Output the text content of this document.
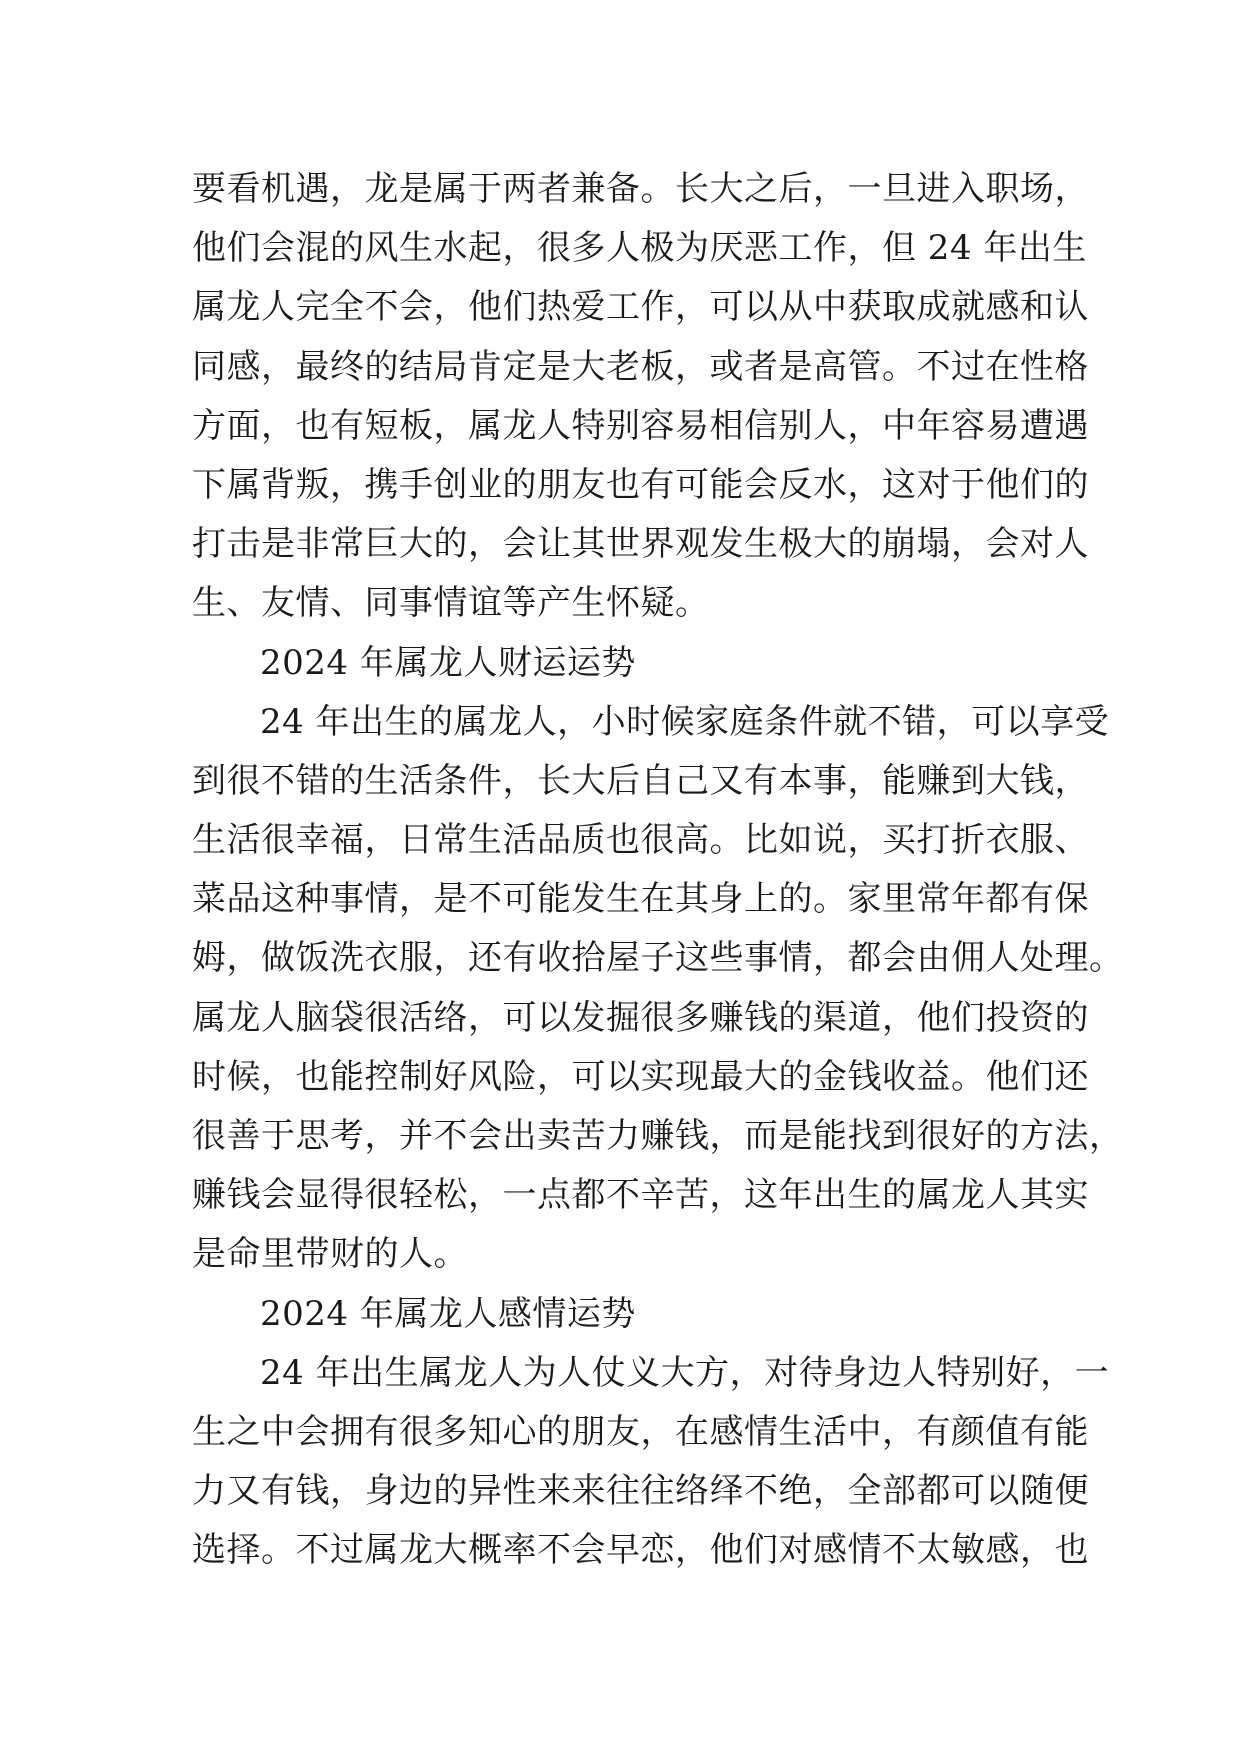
要看机遇，龙是属于两者兼备。长大之后，一旦进入职场，
他们会混的风生水起，很多人极为厌恶工作，但 24 年出生
属龙人完全不会，他们热爱工作，可以从中获取成就感和认
同感，最终的结局肯定是大老板，或者是高管。不过在性格
方面，也有短板，属龙人特别容易相信别人，中年容易遭遇
下属背叛，携手创业的朋友也有可能会反水，这对于他们的
打击是非常巨大的，会让其世界观发生极大的崩塌，会对人
生、友情、同事情谊等产生怀疑。
2024 年属龙人财运运势
24 年出生的属龙人，小时候家庭条件就不错，可以享受
到很不错的生活条件，长大后自己又有本事，能赚到大钱，
生活很幸福，日常生活品质也很高。比如说，买打折衣服、
菜品这种事情，是不可能发生在其身上的。家里常年都有保
姆，做饭洗衣服，还有收拾屋子这些事情，都会由佣人处理。
属龙人脑袋很活络，可以发掘很多赚钱的渠道，他们投资的
时候，也能控制好风险，可以实现最大的金钱收益。他们还
很善于思考，并不会出卖苦力赚钱，而是能找到很好的方法，
赚钱会显得很轻松，一点都不辛苦，这年出生的属龙人其实
是命里带财的人。
2024 年属龙人感情运势
24 年出生属龙人为人仗义大方，对待身边人特别好，一
生之中会拥有很多知心的朋友，在感情生活中，有颜值有能
力又有钱，身边的异性来来往往络绎不绝，全部都可以随便
选择。不过属龙大概率不会早恋，他们对感情不太敏感，也
